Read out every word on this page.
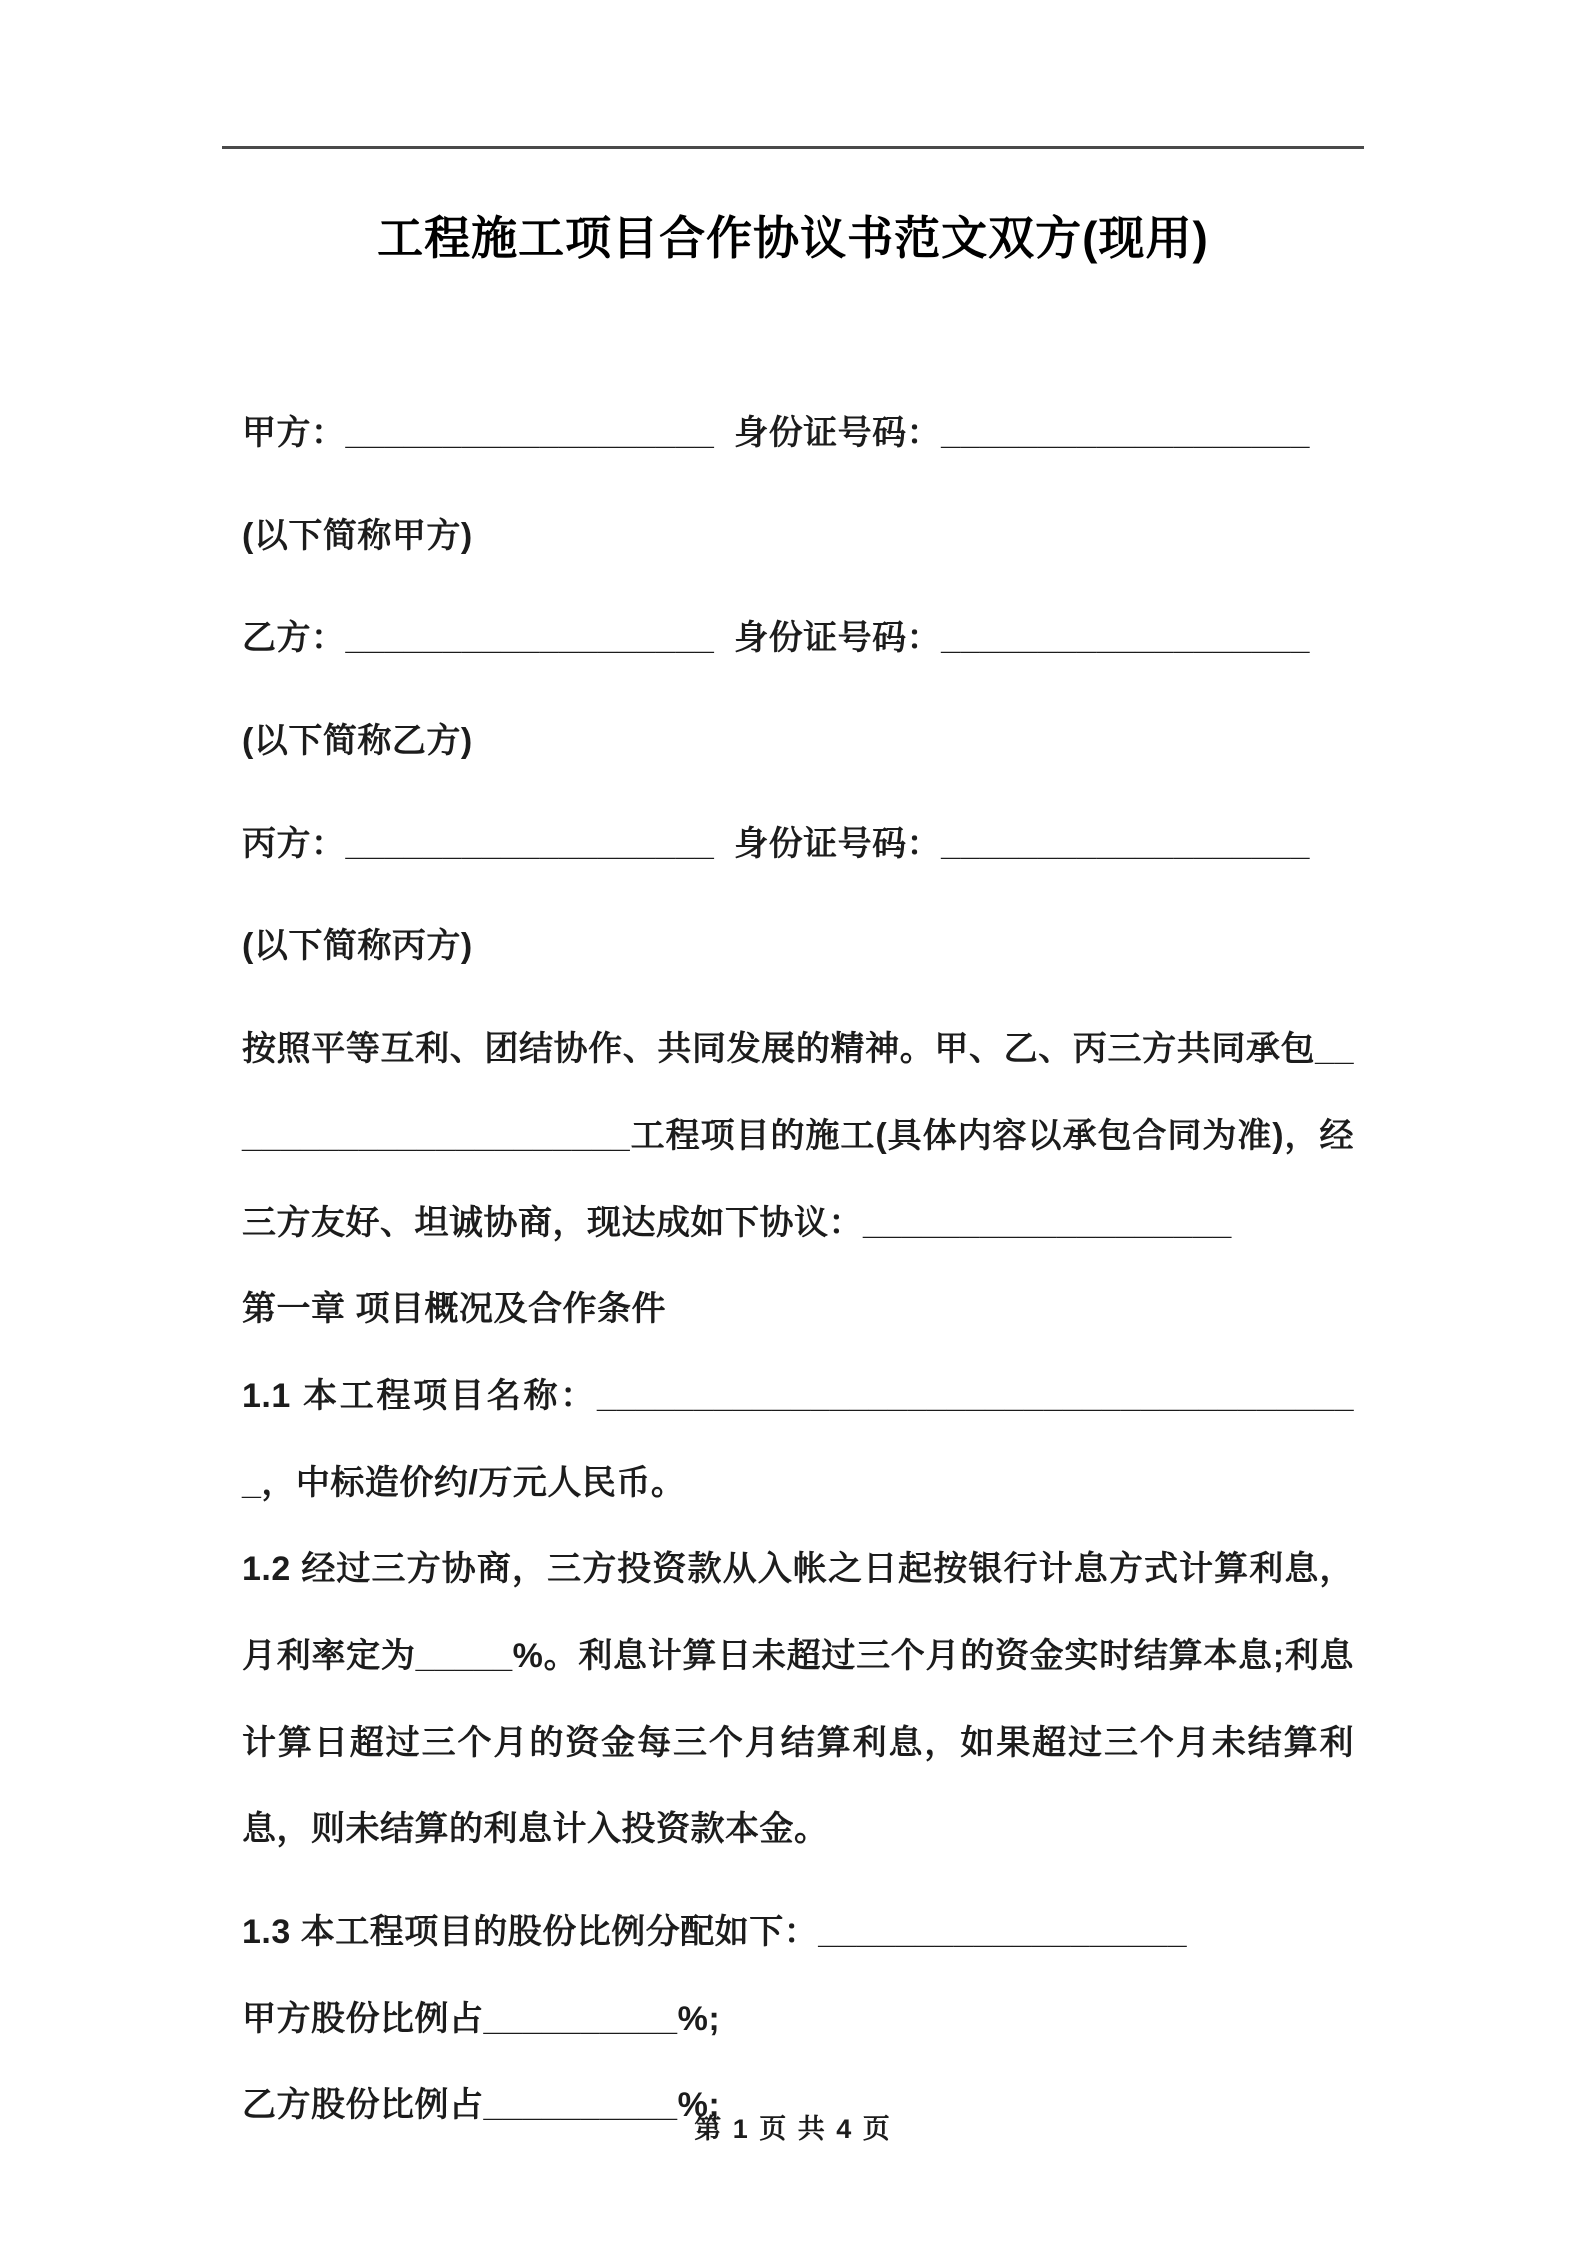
工程施工项目合作协议书范文双方(现用)

甲方：___________________  身份证号码：___________________

(以下简称甲方)

乙方：___________________  身份证号码：___________________

(以下简称乙方)

丙方：___________________  身份证号码：___________________

(以下简称丙方)

按照平等互利、团结协作、共同发展的精神。甲、乙、丙三方共同承包______________________工程项目的施工(具体内容以承包合同为准)，经三方友好、坦诚协商，现达成如下协议：___________________

第一章 项目概况及合作条件

1.1 本工程项目名称：________________________________________，中标造价约/万元人民币。

1.2 经过三方协商，三方投资款从入帐之日起按银行计息方式计算利息，月利率定为_____%。利息计算日未超过三个月的资金实时结算本息;利息计算日超过三个月的资金每三个月结算利息，如果超过三个月未结算利息，则未结算的利息计入投资款本金。

1.3 本工程项目的股份比例分配如下：___________________

甲方股份比例占__________%;

乙方股份比例占__________%;

第 1 页 共 4 页
